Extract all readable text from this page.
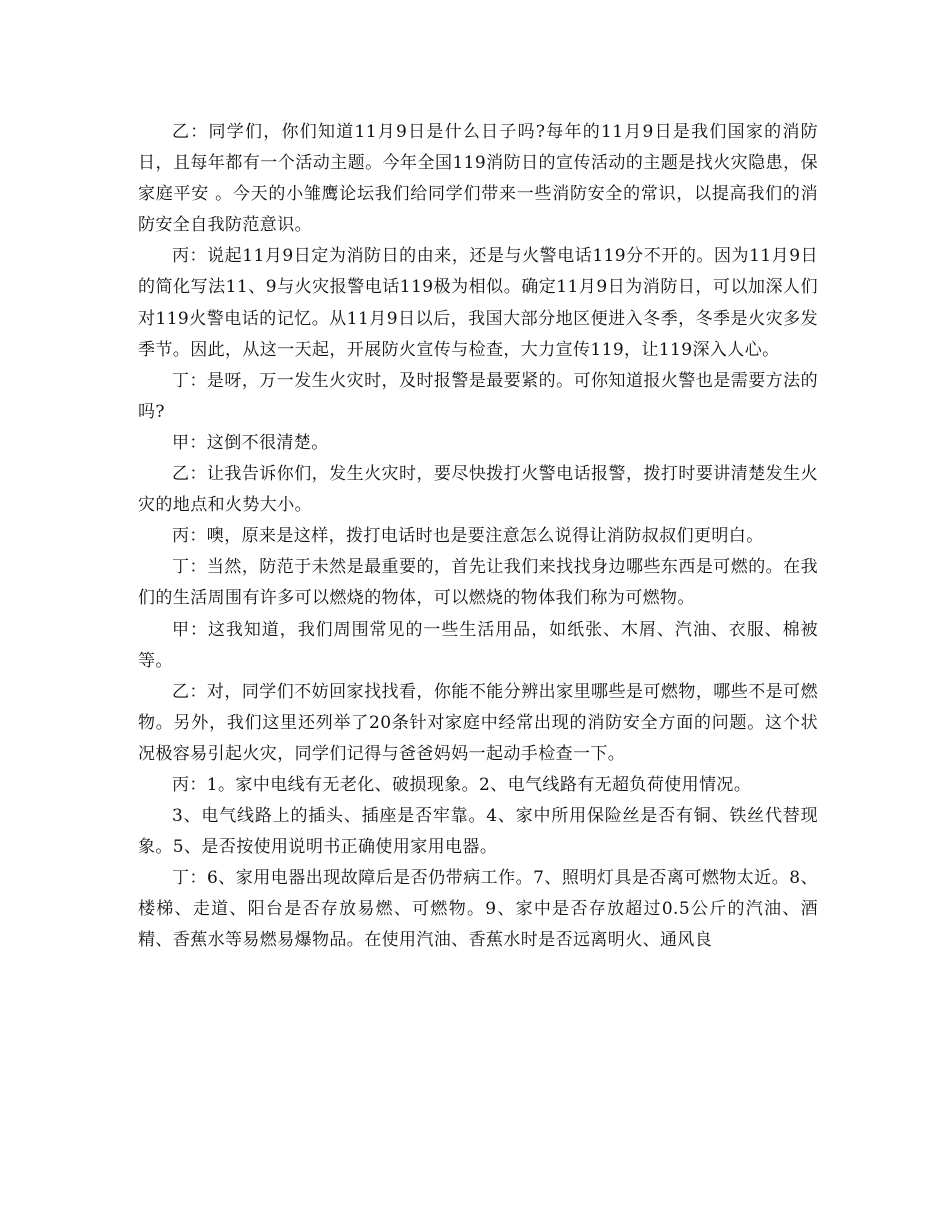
乙：同学们，你们知道11月9日是什么日子吗?每年的11月9日是我们国家的消防日，且每年都有一个活动主题。今年全国119消防日的宣传活动的主题是找火灾隐患，保家庭平安 。今天的小雏鹰论坛我们给同学们带来一些消防安全的常识，以提高我们的消防安全自我防范意识。

丙：说起11月9日定为消防日的由来，还是与火警电话119分不开的。因为11月9日的简化写法11、9与火灾报警电话119极为相似。确定11月9日为消防日，可以加深人们对119火警电话的记忆。从11月9日以后，我国大部分地区便进入冬季，冬季是火灾多发季节。因此，从这一天起，开展防火宣传与检查，大力宣传119，让119深入人心。

丁：是呀，万一发生火灾时，及时报警是最要紧的。可你知道报火警也是需要方法的吗?

甲：这倒不很清楚。

乙：让我告诉你们，发生火灾时，要尽快拨打火警电话报警，拨打时要讲清楚发生火灾的地点和火势大小。

丙：噢，原来是这样，拨打电话时也是要注意怎么说得让消防叔叔们更明白。

丁：当然，防范于未然是最重要的，首先让我们来找找身边哪些东西是可燃的。在我们的生活周围有许多可以燃烧的物体，可以燃烧的物体我们称为可燃物。

甲：这我知道，我们周围常见的一些生活用品，如纸张、木屑、汽油、衣服、棉被等。

乙：对，同学们不妨回家找找看，你能不能分辨出家里哪些是可燃物，哪些不是可燃物。另外，我们这里还列举了20条针对家庭中经常出现的消防安全方面的问题。这个状况极容易引起火灾，同学们记得与爸爸妈妈一起动手检查一下。

丙：1。家中电线有无老化、破损现象。2、电气线路有无超负荷使用情况。

3、电气线路上的插头、插座是否牢靠。4、家中所用保险丝是否有铜、铁丝代替现象。5、是否按使用说明书正确使用家用电器。

丁：6、家用电器出现故障后是否仍带病工作。7、照明灯具是否离可燃物太近。8、楼梯、走道、阳台是否存放易燃、可燃物。9、家中是否存放超过0.5公斤的汽油、酒精、香蕉水等易燃易爆物品。在使用汽油、香蕉水时是否远离明火、通风良
